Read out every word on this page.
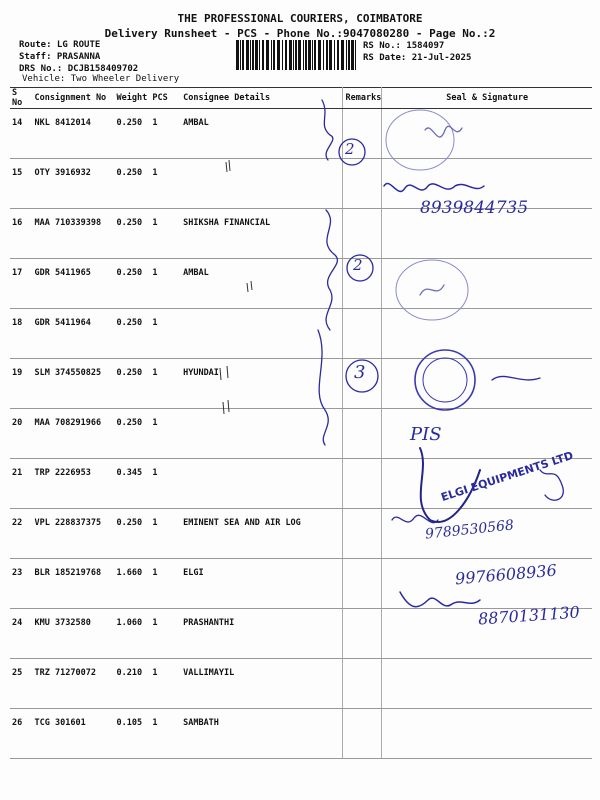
THE PROFESSIONAL COURIERS, COIMBATORE
Delivery Runsheet - PCS - Phone No.:9047080280 - Page No.:2
Route: LG ROUTE
Staff: PRASANNA
DRS No.: DCJB158409702
Vehicle: Two Wheeler Delivery
RS No.: 1584097
RS Date: 21-Jul-2025
S No	Consignment No	Weight	PCS	Consignee Details	Remarks	Seal & Signature
14	NKL 8412014	0.250	1	AMBAL		
15	OTY 3916932	0.250	1			
16	MAA 710339398	0.250	1	SHIKSHA FINANCIAL		
17	GDR 5411965	0.250	1	AMBAL		
18	GDR 5411964	0.250	1			
19	SLM 374550825	0.250	1	HYUNDAI		
20	MAA 708291966	0.250	1			
21	TRP 2226953	0.345	1			
22	VPL 228837375	0.250	1	EMINENT SEA AND AIR LOG		
23	BLR 185219768	1.660	1	ELGI		
24	KMU 3732580	1.060	1	PRASHANTHI		
25	TRZ 71270072	0.210	1	VALLIMAYIL		
26	TCG 301601	0.105	1	SAMBATH		
2
2
3
8939844735
PIS
ELGI EQUIPMENTS LTD
9789530568
9976608936
8870131130
